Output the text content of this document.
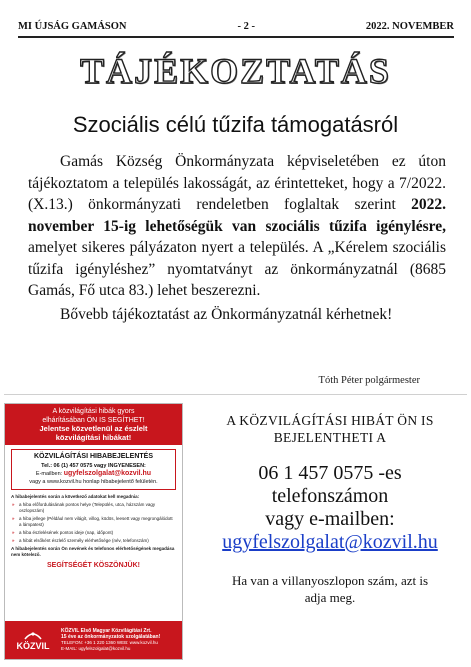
MI ÚJSÁG GAMÁSON	- 2 -	2022. NOVEMBER
TÁJÉKOZTATÁS
Szociális célú tűzifa támogatásról

Gamás Község Önkormányzata képviseletében ez úton tájékoztatom a település lakosságát, az érintetteket, hogy a 7/2022. (X.13.) önkormányzati rendeletben foglaltak szerint 2022. november 15-ig lehetőségük van szociális tűzifa igénylésre, amelyet sikeres pályázaton nyert a település. A „Kérelem szociális tűzifa igényléshez” nyomtatványt az önkormányzatnál (8685 Gamás, Fő utca 83.) lehet beszerezni.

Bővebb tájékoztatást az Önkormányzatnál kérhetnek!

Tóth Péter polgármester
A közvilágítási hibák gyors
elhárításában ÖN IS SEGÍTHET!
Jelentse közvetlenül az észlelt
közvilágítási hibákat!
KÖZVILÁGÍTÁSI HIBABEJELENTÉS
Tel.: 06 (1) 457 0575 vagy INGYENESEN:
E-mailben: ugyfelszolgalat@kozvil.hu
vagy a www.kozvil.hu honlap hibabejelentő felületén.
A hibabejelentés során a következő adatokat kell megadnia:
» a hiba előfordulásának pontos helye (Település, utca, házszám vagy oszlopszám)
» a hiba jellege (Például nem világít, villog, ködös, leesett vagy megrongálódott a lámpatest)
» a hiba észlelésének pontos ideje (nap, időpont)
» a hibát elsőként észlelő személy elérhetősége (név, telefonszám)
A hibabejelentés során Ön nevének és telefonos elérhetőségének megadása nem kötelező.
SEGÍTSÉGÉT KÖSZÖNJÜK!
KÖZVIL
KÖZVIL Első Magyar Közvilágítási Zrt.
15 éve az önkormányzatok szolgálatában!
TELEFON: +36 1 220 1360 WEB: www.kozvil.hu
E-MAIL: ugyfelszolgalat@kozvil.hu
A KÖZVILÁGÍTÁSI HIBÁT ÖN IS
BEJELENTHETI A
06 1 457 0575 -es
telefonszámon
vagy e-mailben:
ugyfelszolgalat@kozvil.hu
Ha van a villanyoszlopon szám, azt is
adja meg.
